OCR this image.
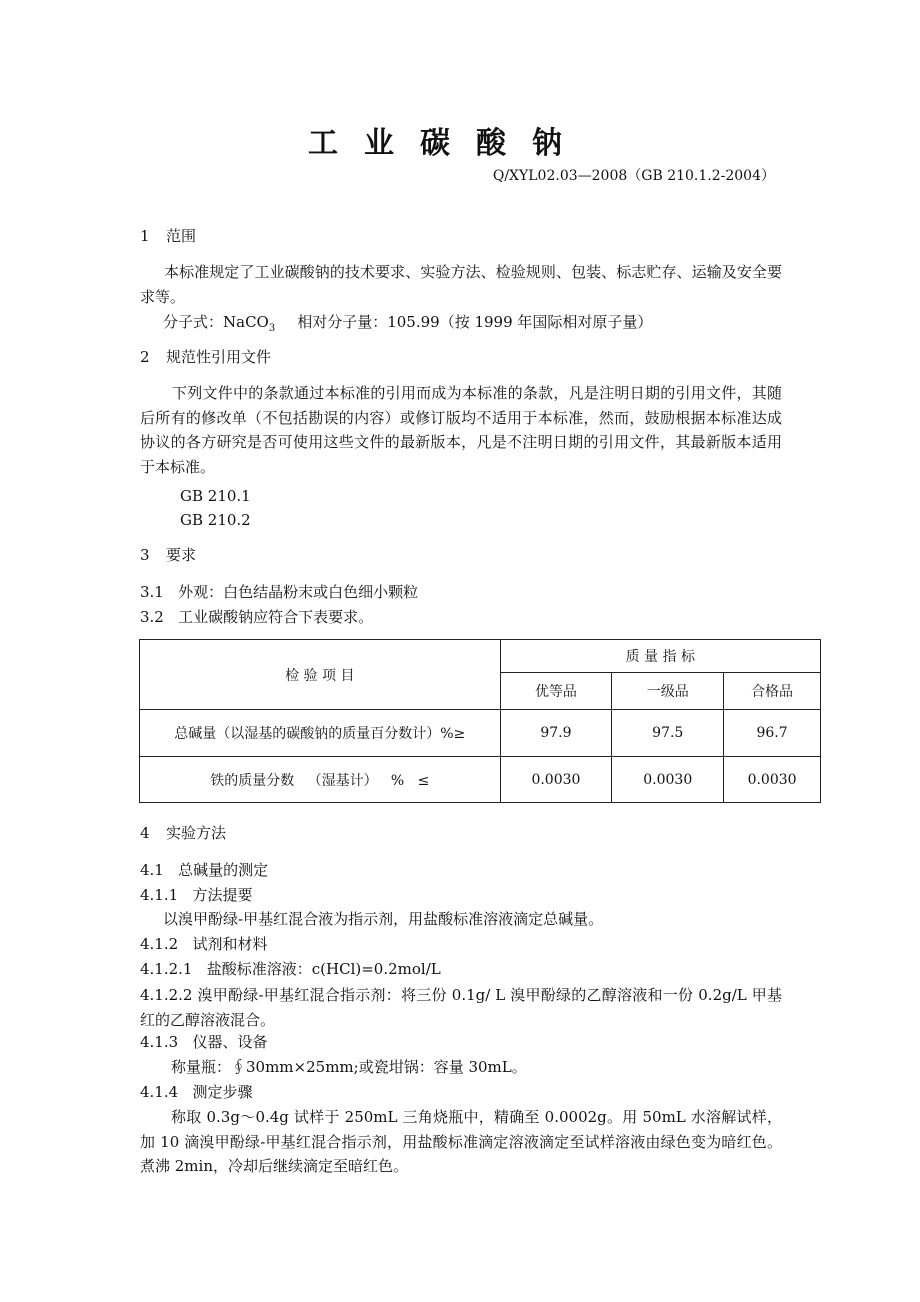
工业碳酸钠
Q/XYL02.03—2008（GB 210.1.2-2004）
1 范围
本标准规定了工业碳酸钠的技术要求、实验方法、检验规则、包装、标志贮存、运输及安全要求等。
分子式：NaCO$_3$ 相对分子量：105.99（按 1999 年国际相对原子量）
2 规范性引用文件
下列文件中的条款通过本标准的引用而成为本标准的条款，凡是注明日期的引用文件，其随后所有的修改单（不包括勘误的内容）或修订版均不适用于本标准，然而，鼓励根据本标准达成协议的各方研究是否可使用这些文件的最新版本，凡是不注明日期的引用文件，其最新版本适用于本标准。
GB 210.1
GB 210.2
3 要求
3.1   外观：白色结晶粉末或白色细小颗粒
3.2   工业碳酸钠应符合下表要求。
检 验 项 目	质 量 指 标		
	优等品	一级品	合格品
总碱量（以湿基的碳酸钠的质量百分数计）%≥	97.9	97.5	96.7
铁的质量分数   （湿基计）   %   ≤	0.0030	0.0030	0.0030
4 实验方法
4.1   总碱量的测定
4.1.1   方法提要
以溴甲酚绿-甲基红混合液为指示剂，用盐酸标准溶液滴定总碱量。
4.1.2   试剂和材料
4.1.2.1   盐酸标准溶液：c(HCl)=0.2mol/L
4.1.2.2 溴甲酚绿-甲基红混合指示剂：将三份 0.1g/ L 溴甲酚绿的乙醇溶液和一份 0.2g/L 甲基红的乙醇溶液混合。
4.1.3   仪器、设备
称量瓶：∮30mm×25mm;或瓷坩锅：容量 30mL。
4.1.4   测定步骤
称取 0.3g～0.4g 试样于 250mL 三角烧瓶中，精确至 0.0002g。用 50mL 水溶解试样，加 10 滴溴甲酚绿-甲基红混合指示剂，用盐酸标准滴定溶液滴定至试样溶液由绿色变为暗红色。煮沸 2min，冷却后继续滴定至暗红色。
